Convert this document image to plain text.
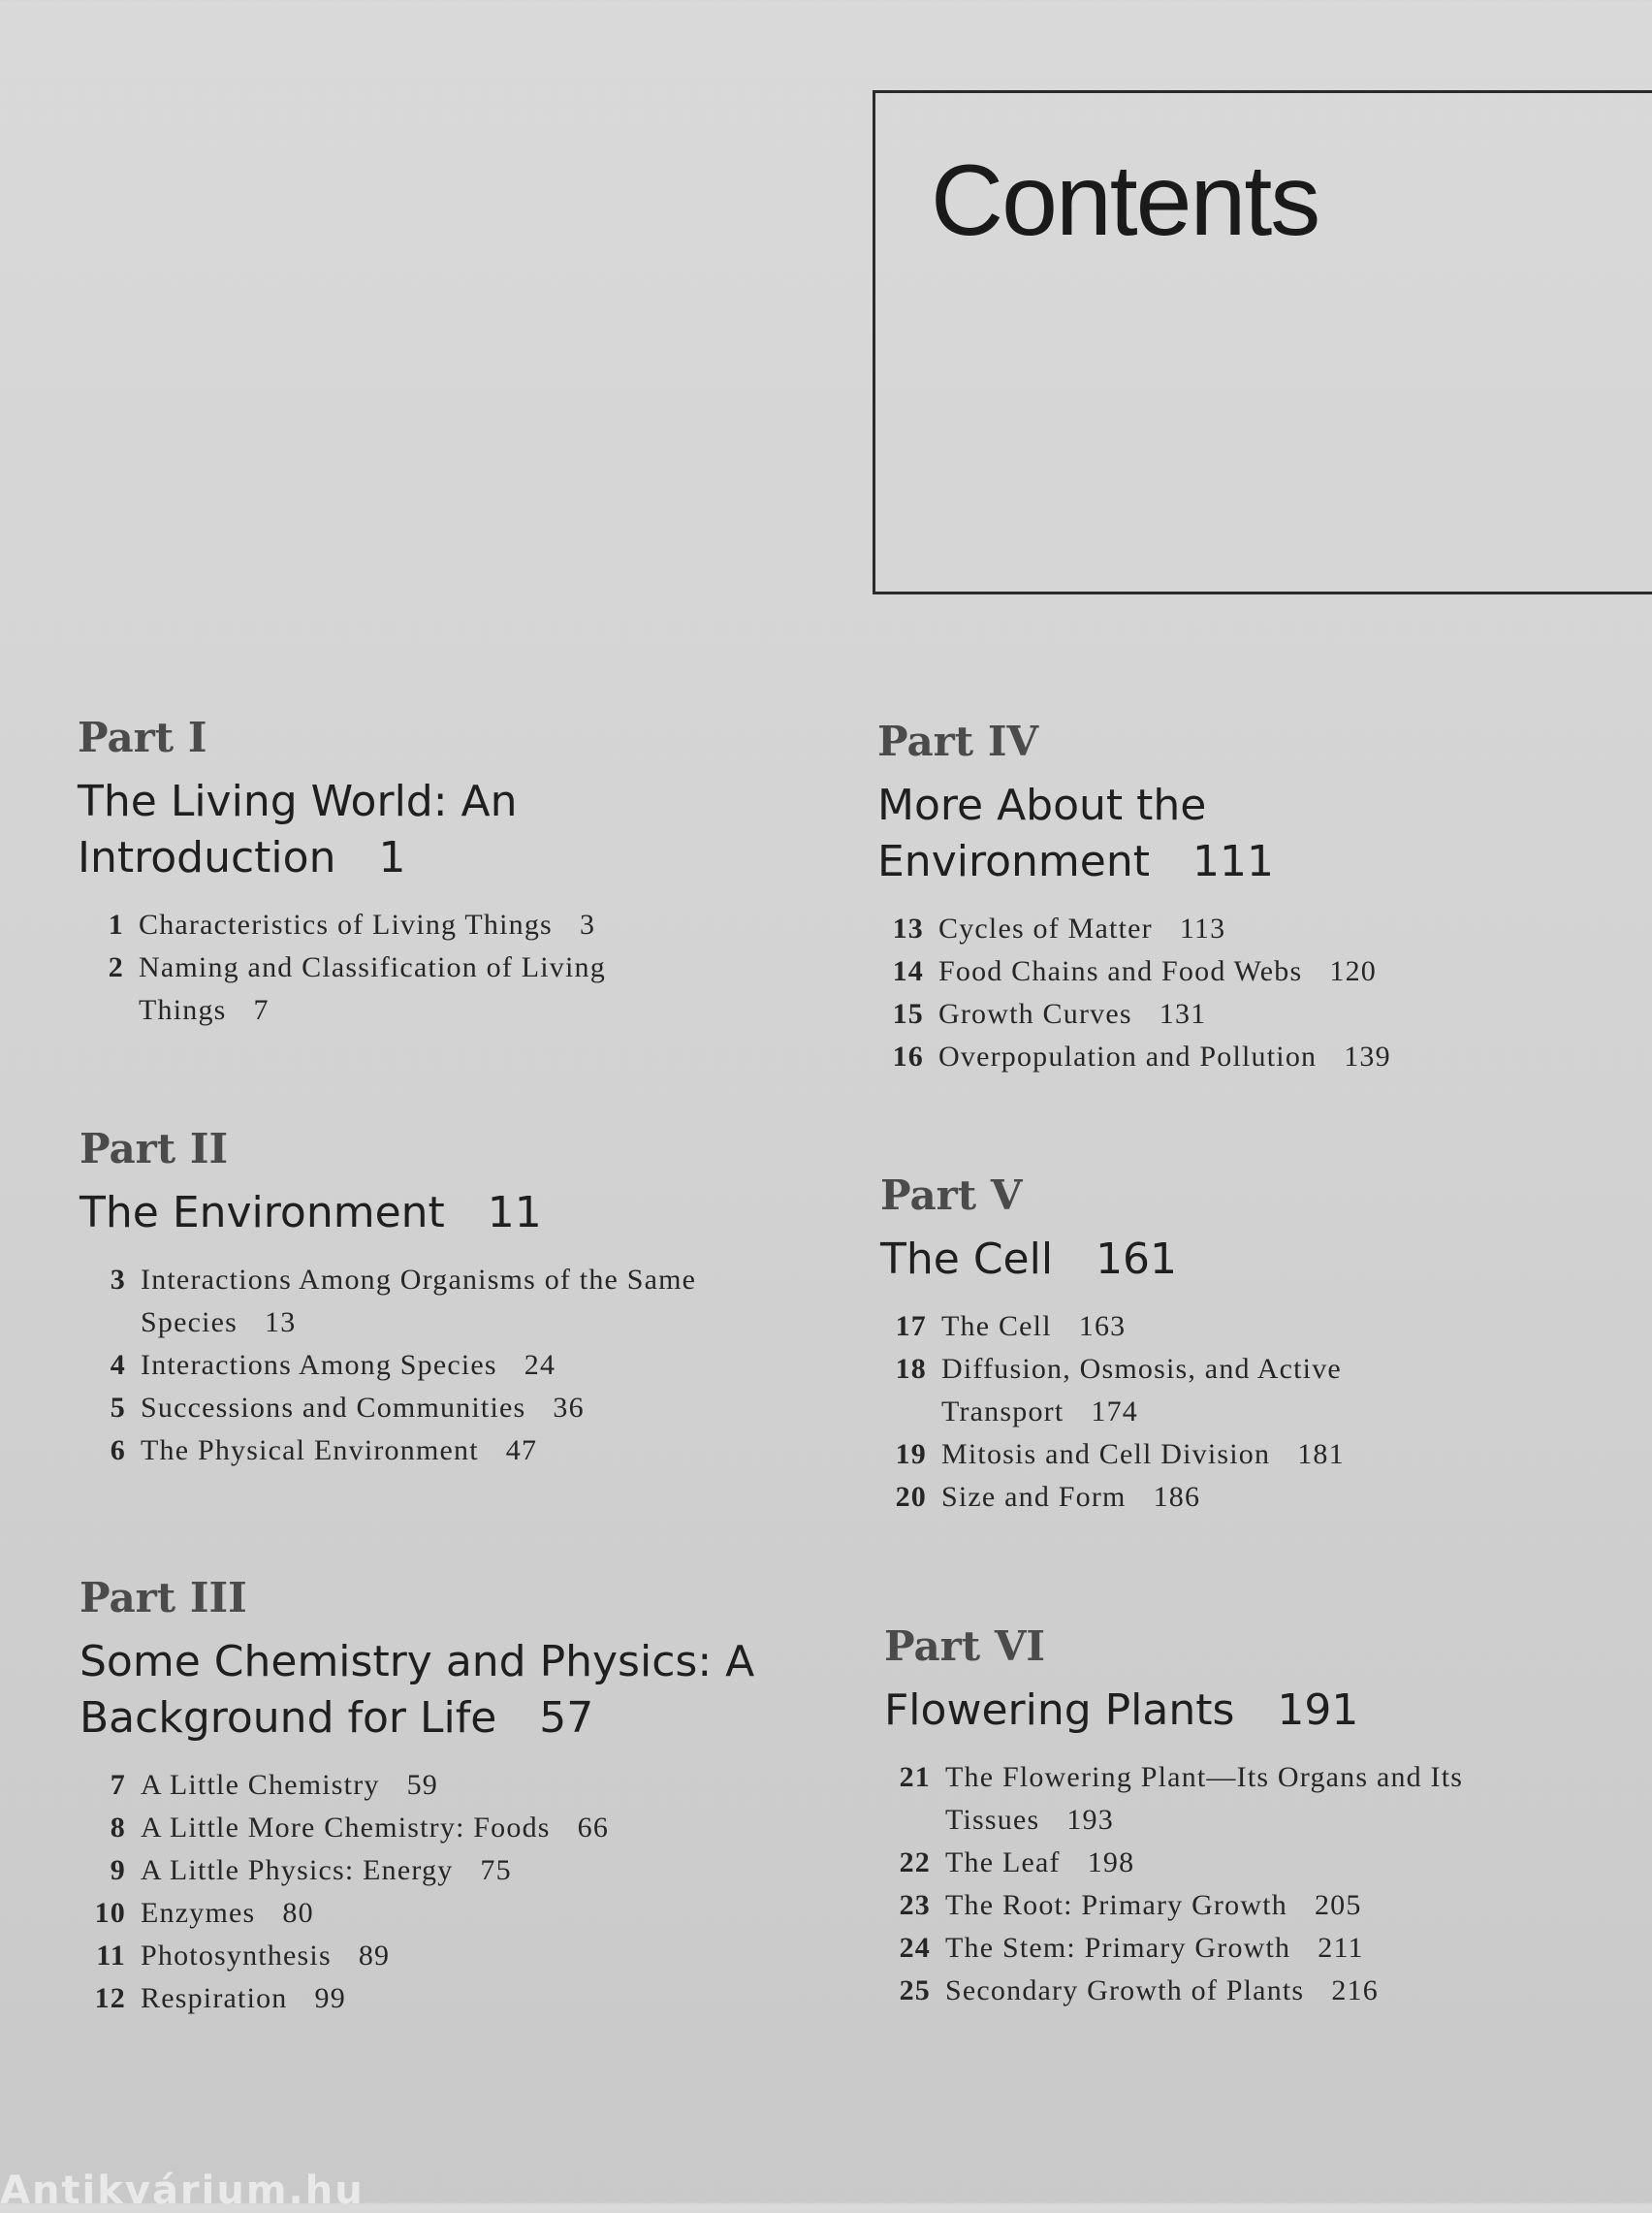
Contents
Part I
The Living World: An Introduction 1
1 Characteristics of Living Things 3
2 Naming and Classification of Living Things 7
Part II
The Environment 11
3 Interactions Among Organisms of the Same Species 13
4 Interactions Among Species 24
5 Successions and Communities 36
6 The Physical Environment 47
Part III
Some Chemistry and Physics: A Background for Life 57
7 A Little Chemistry 59
8 A Little More Chemistry: Foods 66
9 A Little Physics: Energy 75
10 Enzymes 80
11 Photosynthesis 89
12 Respiration 99
Part IV
More About the Environment 111
13 Cycles of Matter 113
14 Food Chains and Food Webs 120
15 Growth Curves 131
16 Overpopulation and Pollution 139
Part V
The Cell 161
17 The Cell 163
18 Diffusion, Osmosis, and Active Transport 174
19 Mitosis and Cell Division 181
20 Size and Form 186
Part VI
Flowering Plants 191
21 The Flowering Plant—Its Organs and Its Tissues 193
22 The Leaf 198
23 The Root: Primary Growth 205
24 The Stem: Primary Growth 211
25 Secondary Growth of Plants 216
Antikvárium.hu
